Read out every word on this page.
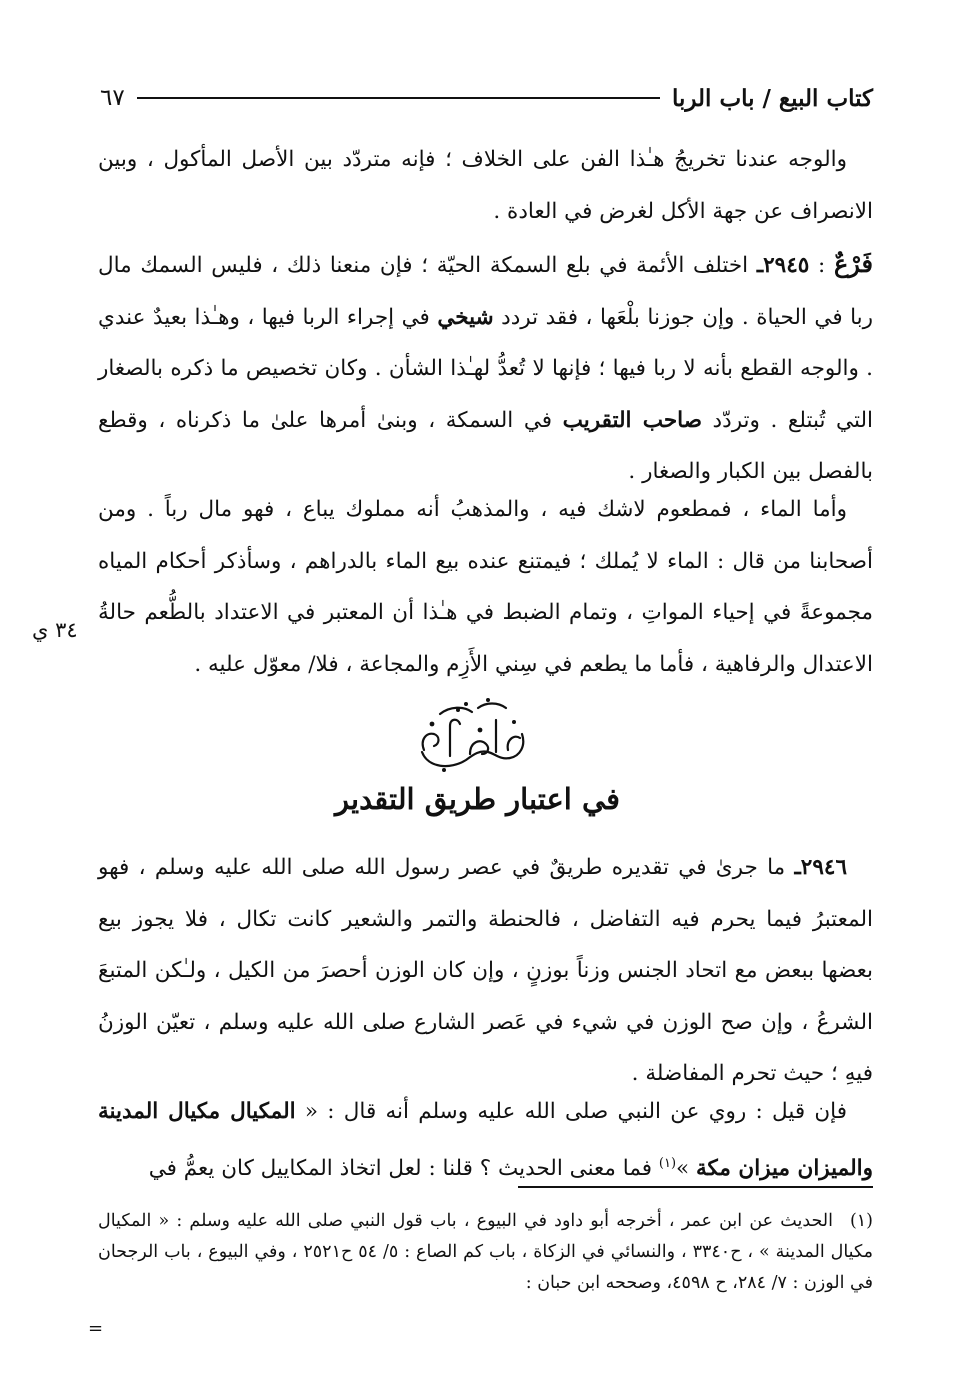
كتاب البيع / باب الربا
٦٧

والوجه عندنا تخريجُ هـٰذا الفن على الخلاف ؛ فإنه متردّد بين الأصل المأكول ، وبين الانصراف عن جهة الأكل لغرض في العادة .

فَرْعٌ : ٢٩٤٥ـ اختلف الأئمة في بلع السمكة الحيّة ؛ فإن منعنا ذلك ، فليس السمك مال ربا في الحياة . وإن جوزنا بلْعَها ، فقد تردد شيخي في إجراء الربا فيها ، وهـٰذا بعيدٌ عندي . والوجه القطع بأنه لا ربا فيها ؛ فإنها لا تُعدُّ لهـٰذا الشأن . وكان تخصيص ما ذكره بالصغار التي تُبتلع . وتردّد صاحب التقريب في السمكة ، وبنىٰ أمرها علىٰ ما ذكرناه ، وقطع بالفصل بين الكبار والصغار .

وأما الماء ، فمطعوم لاشك فيه ، والمذهبُ أنه مملوك يباع ، فهو مال رباً . ومن أصحابنا من قال : الماء لا يُملك ؛ فيمتنع عنده بيع الماء بالدراهم ، وسأذكر أحكام المياه مجموعةً في إحياء المواتِ ، وتمام الضبط في هـٰذا أن المعتبر في الاعتداد بالطُّعم حالةُ الاعتدال والرفاهية ، فأما ما يطعم في سِني الأَزِم والمجاعة ، فلا/ معوّل عليه .

٣٤ ي
في اعتبار طريق التقدير

٢٩٤٦ـ ما جرىٰ في تقديره طريقٌ في عصر رسول الله صلى الله عليه وسلم ، فهو المعتبرُ فيما يحرم فيه التفاضل ، فالحنطة والتمر والشعير كانت تكال ، فلا يجوز بيع بعضها ببعض مع اتحاد الجنس وزناً بوزنٍ ، وإن كان الوزن أحصرَ من الكيل ، ولـٰكن المتبعَ الشرعُ ، وإن صح الوزن في شيء في عَصر الشارع صلى الله عليه وسلم ، تعيّن الوزنُ فيهِ ؛ حيث تحرم المفاضلة .

فإن قيل : روي عن النبي صلى الله عليه وسلم أنه قال : « المكيال مكيال المدينة والميزان ميزان مكة »$^{(١)}$ فما معنى الحديث ؟ قلنا : لعل اتخاذ المكاييل كان يعمُّ في

(١)الحديث عن ابن عمر ، أخرجه أبو داود في البيوع ، باب قول النبي صلى الله عليه وسلم : « المكيال مكيال المدينة » ، ح٣٣٤٠ ، والنسائي في الزكاة ، باب كم الصاع : ٥/ ٥٤ ح٢٥٢١ ، وفي البيوع ، باب الرجحان في الوزن : ٧/ ٢٨٤، ح ٤٥٩٨، وصححه ابن حبان :
=
